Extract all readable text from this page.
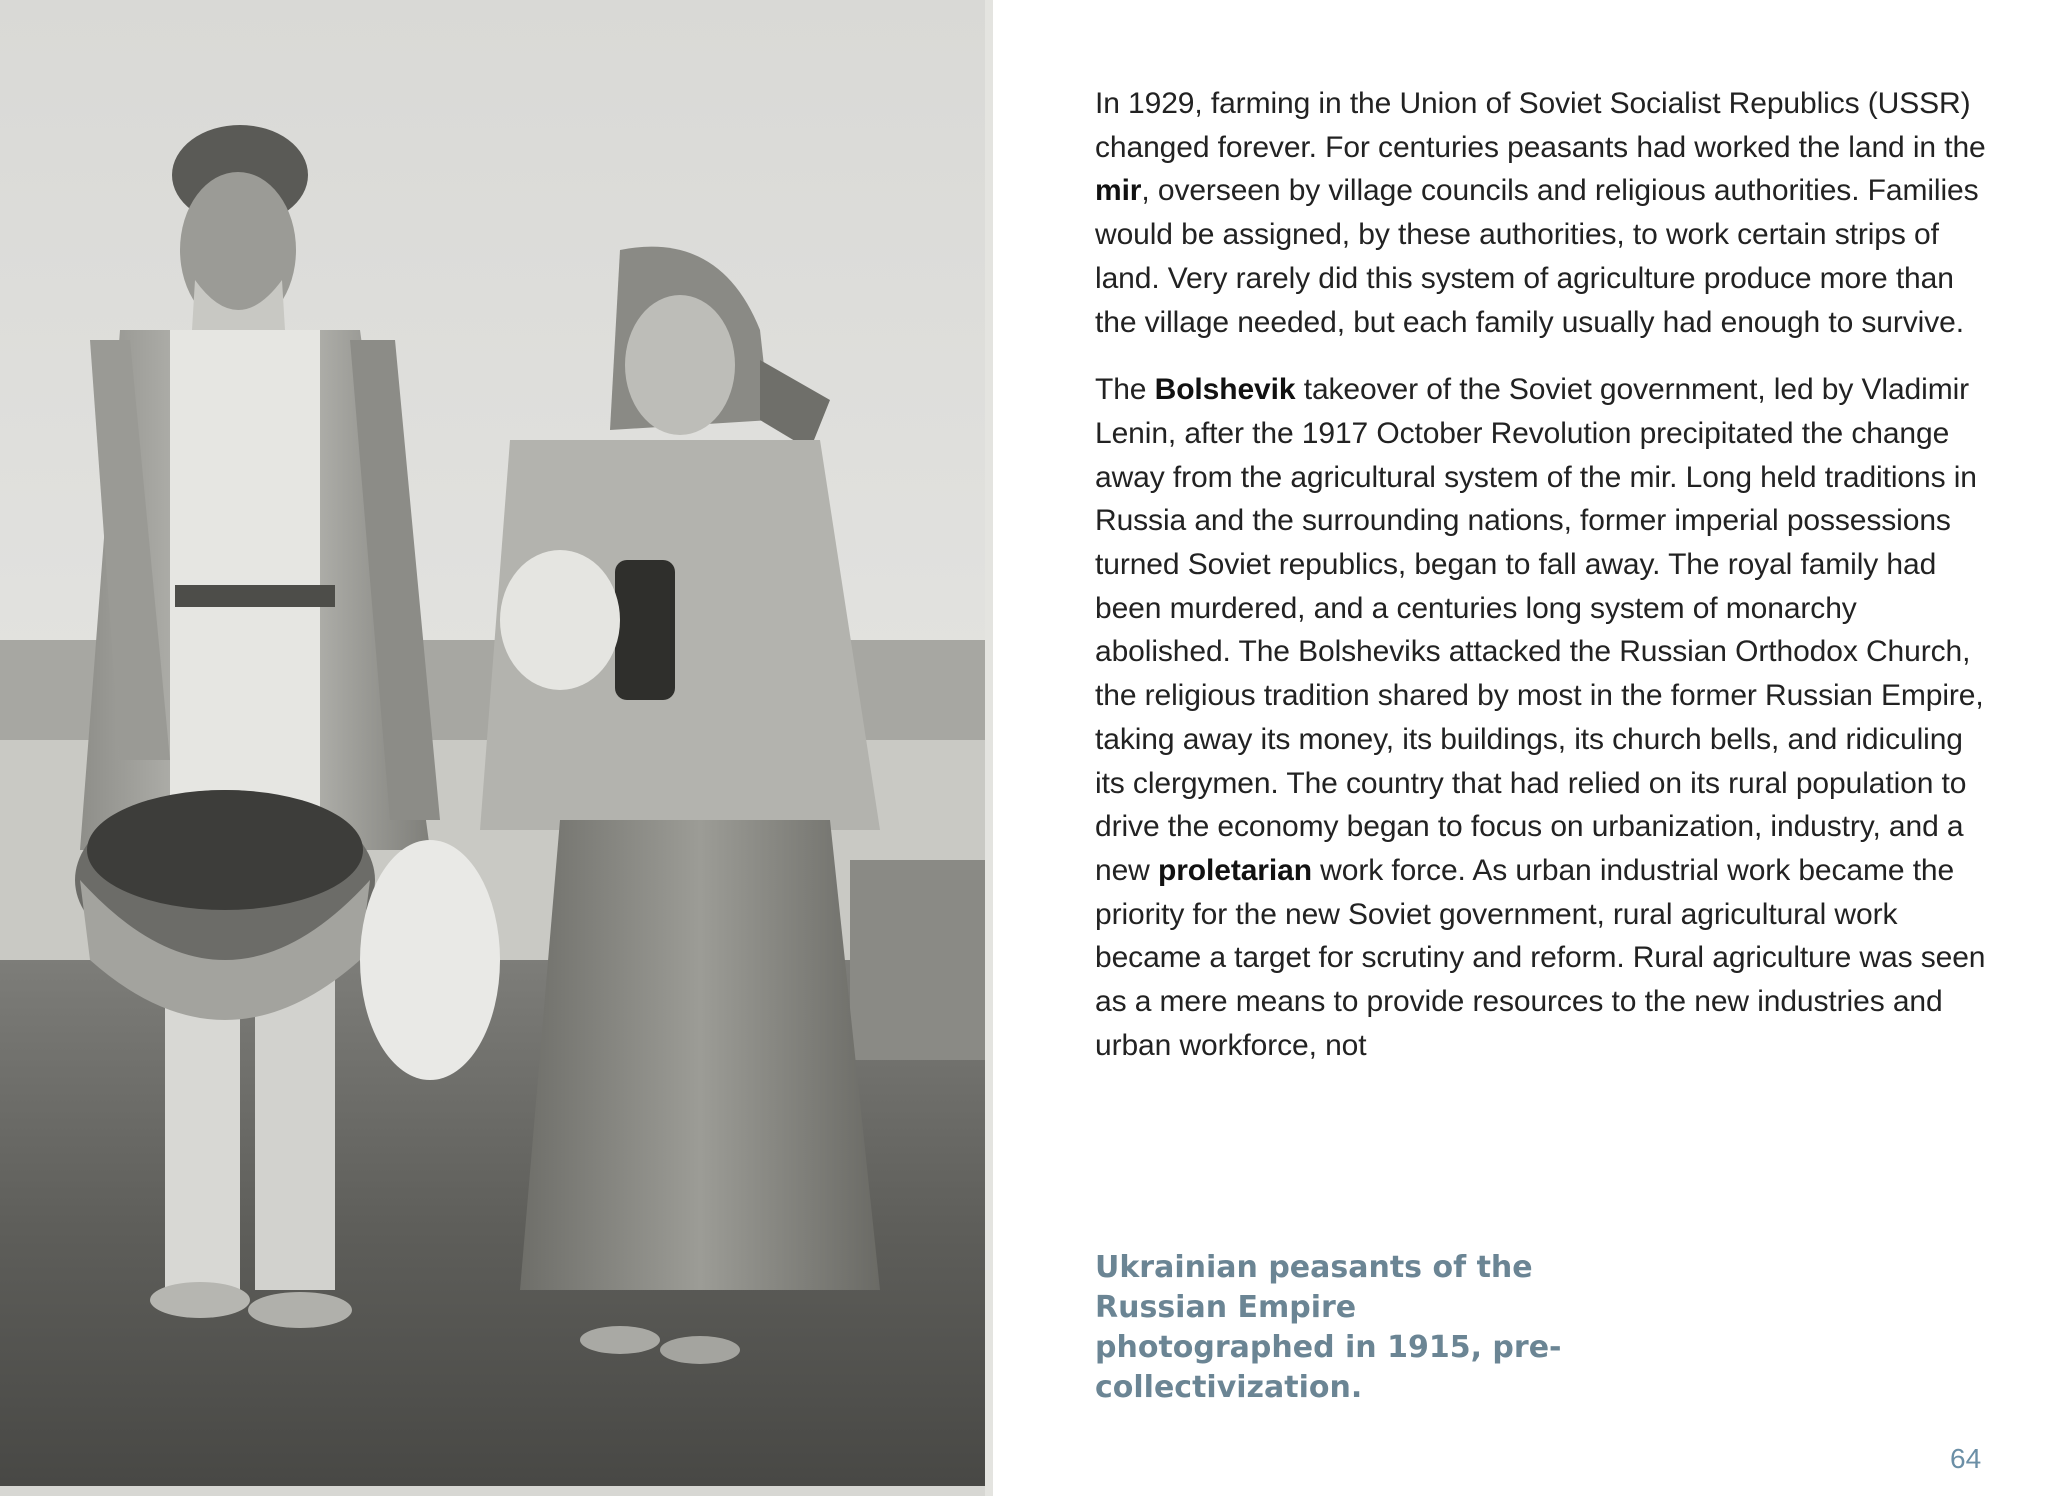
In 1929, farming in the Union of Soviet Socialist Republics (USSR) changed forever. For centuries peasants had worked the land in the mir, overseen by village councils and religious authorities. Families would be assigned, by these authorities, to work certain strips of land. Very rarely did this system of agriculture produce more than the village needed, but each family usually had enough to survive.

The Bolshevik takeover of the Soviet government, led by Vladimir Lenin, after the 1917 October Revolution precipitated the change away from the agricultural system of the mir. Long held traditions in Russia and the surrounding nations, former imperial possessions turned Soviet republics, began to fall away. The royal family had been murdered, and a centuries long system of monarchy abolished. The Bolsheviks attacked the Russian Orthodox Church, the religious tradition shared by most in the former Russian Empire, taking away its money, its buildings, its church bells, and ridiculing its clergymen. The country that had relied on its rural population to drive the economy began to focus on urbanization, industry, and a new proletarian work force. As urban industrial work became the priority for the new Soviet government, rural agricultural work became a target for scrutiny and reform. Rural agriculture was seen as a mere means to provide resources to the new industries and urban workforce, not

Ukrainian peasants of the Russian Empire photographed in 1915, pre-collectivization.
64
